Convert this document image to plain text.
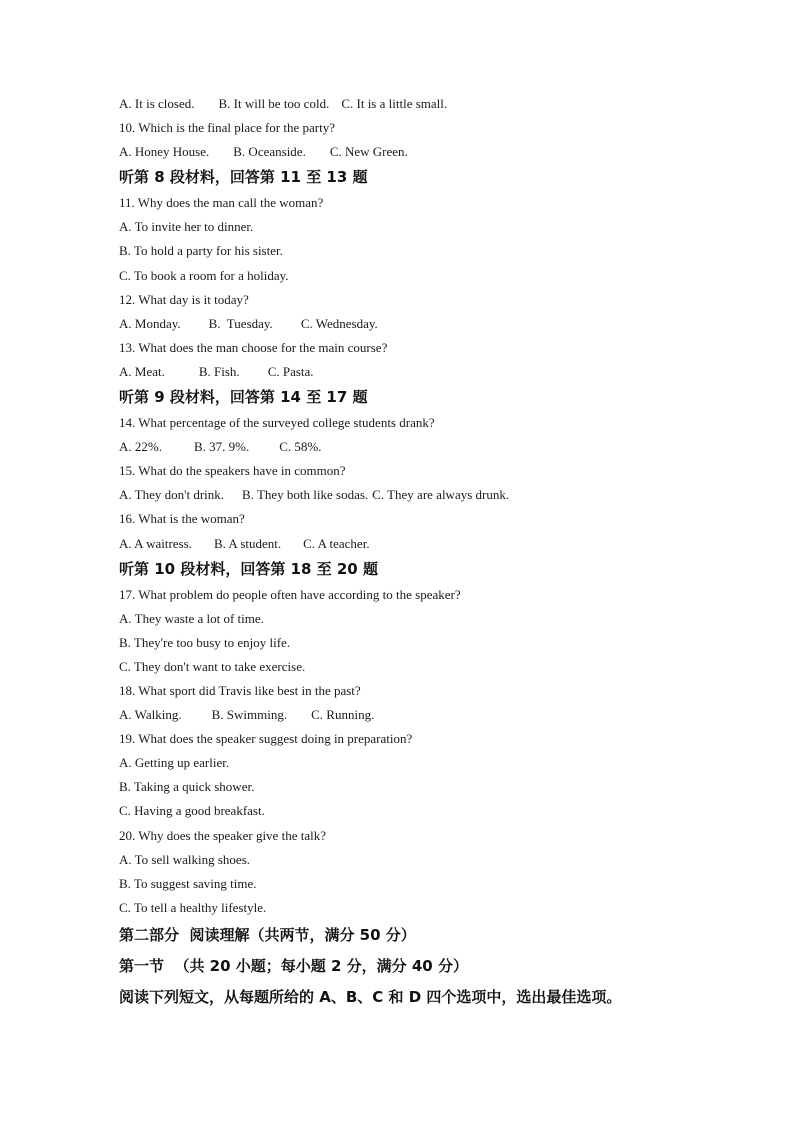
A. It is closed. B. It will be too cold. C. It is a little small.
10. Which is the final place for the party?
A. Honey House. B. Oceanside. C. New Green.
听第 8 段材料，回答第 11 至 13 题
11. Why does the man call the woman?
A. To invite her to dinner.
B. To hold a party for his sister.
C. To book a room for a holiday.
12. What day is it today?
A. Monday. B.  Tuesday. C. Wednesday.
13. What does the man choose for the main course?
A. Meat.	B. Fish. C. Pasta.
听第 9 段材料，回答第 14 至 17 题
14. What percentage of the surveyed college students drank?
A. 22%. B. 37. 9%. C. 58%.
15. What do the speakers have in common?
A. They don't drink. B. They both like sodas. C. They are always drunk.
16. What is the woman?
A. A waitress. B. A student. C. A teacher.
听第 10 段材料，回答第 18 至 20 题
17. What problem do people often have according to the speaker?
A. They waste a lot of time.
B. They're too busy to enjoy life.
C. They don't want to take exercise.
18. What sport did Travis like best in the past?
A. Walking. B. Swimming. C. Running.
19. What does the speaker suggest doing in preparation?
A. Getting up earlier.
B. Taking a quick shower.
C. Having a good breakfast.
20. Why does the speaker give the talk?
A. To sell walking shoes.
B. To suggest saving time.
C. To tell a healthy lifestyle.
第二部分  阅读理解（共两节，满分 50 分）
第一节  （共 20 小题；每小题 2 分，满分 40 分）
阅读下列短文，从每题所给的 A、B、C 和 D 四个选项中，选出最佳选项。
